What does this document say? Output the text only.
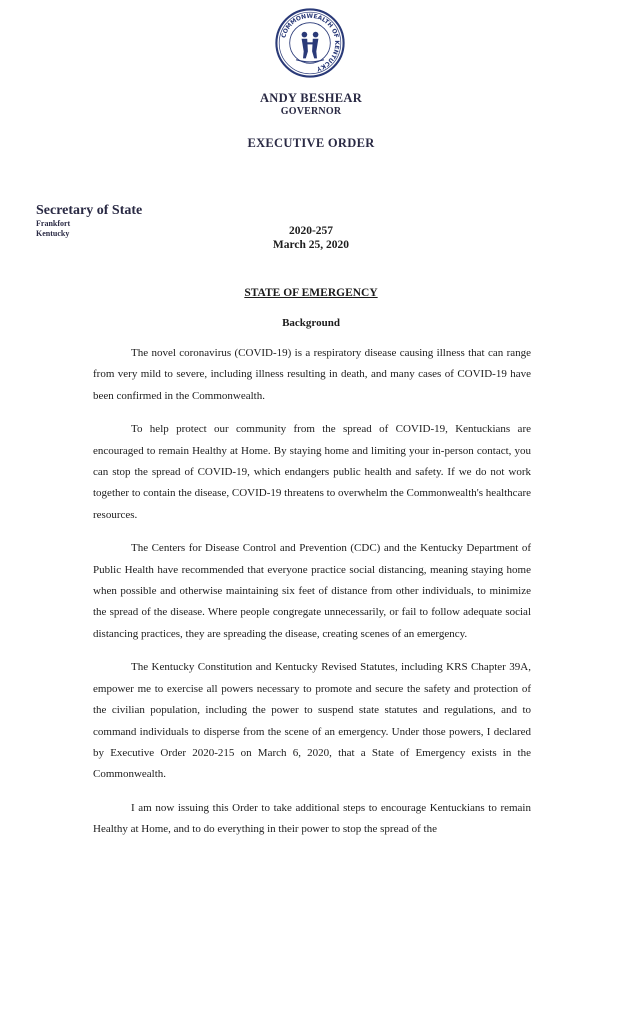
COMMONWEALTH OF KENTUCKY
ANDY BESHEAR
GOVERNOR
EXECUTIVE ORDER
Secretary of State
Frankfort
Kentucky	2020-257
March 25, 2020
STATE OF EMERGENCY
Background

The novel coronavirus (COVID-19) is a respiratory disease causing illness that can range from very mild to severe, including illness resulting in death, and many cases of COVID-19 have been confirmed in the Commonwealth.

To help protect our community from the spread of COVID-19, Kentuckians are encouraged to remain Healthy at Home. By staying home and limiting your in-person contact, you can stop the spread of COVID-19, which endangers public health and safety. If we do not work together to contain the disease, COVID-19 threatens to overwhelm the Commonwealth's healthcare resources.

The Centers for Disease Control and Prevention (CDC) and the Kentucky Department of Public Health have recommended that everyone practice social distancing, meaning staying home when possible and otherwise maintaining six feet of distance from other individuals, to minimize the spread of the disease. Where people congregate unnecessarily, or fail to follow adequate social distancing practices, they are spreading the disease, creating scenes of an emergency.

The Kentucky Constitution and Kentucky Revised Statutes, including KRS Chapter 39A, empower me to exercise all powers necessary to promote and secure the safety and protection of the civilian population, including the power to suspend state statutes and regulations, and to command individuals to disperse from the scene of an emergency. Under those powers, I declared by Executive Order 2020-215 on March 6, 2020, that a State of Emergency exists in the Commonwealth.

I am now issuing this Order to take additional steps to encourage Kentuckians to remain Healthy at Home, and to do everything in their power to stop the spread of the
